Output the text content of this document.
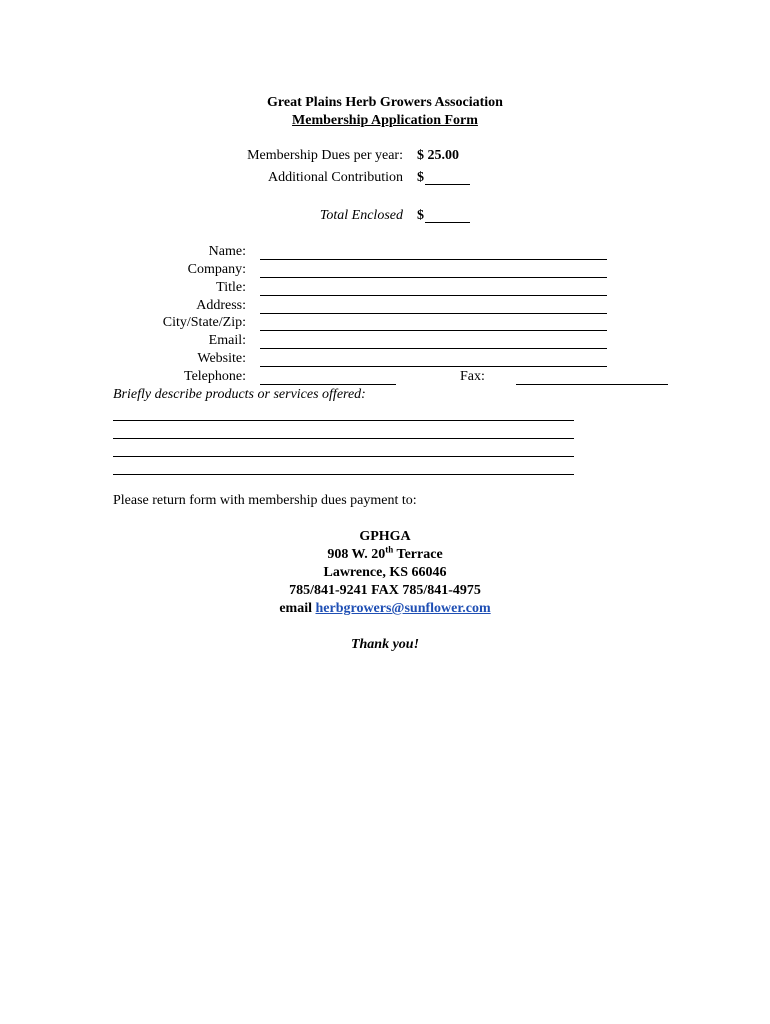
Great Plains Herb Growers Association
Membership Application Form
Membership Dues per year: $ 25.00
Additional Contribution $
Total Enclosed $
Name:
Company:
Title:
Address:
City/State/Zip:
Email:
Website:
Telephone:	Fax:
Briefly describe products or services offered:
Please return form with membership dues payment to:
GPHGA
908 W. 20th Terrace
Lawrence, KS 66046
785/841-9241 FAX 785/841-4975
email herbgrowers@sunflower.com
Thank you!
